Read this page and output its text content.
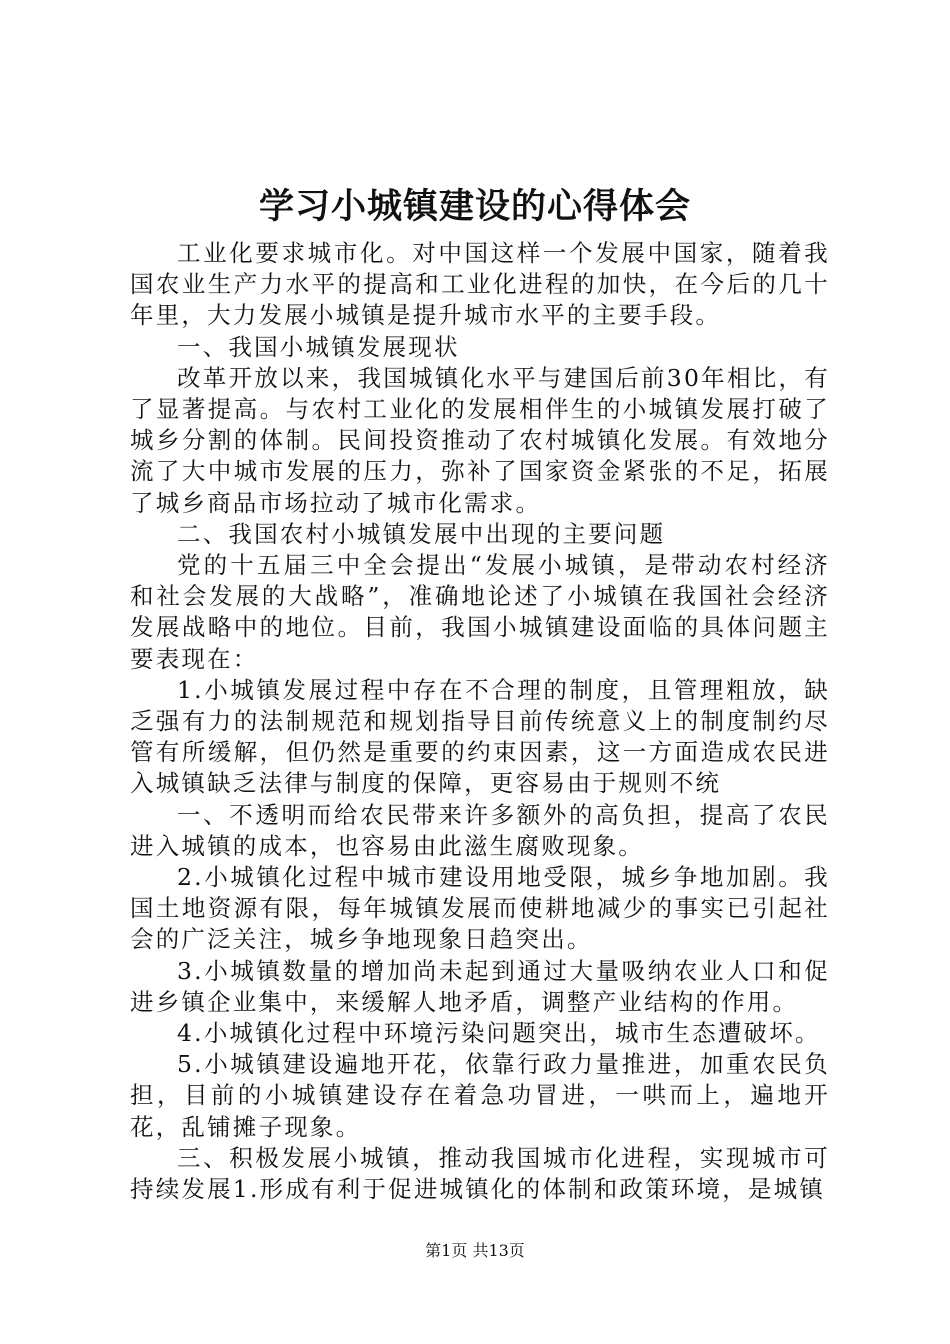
学习小城镇建设的心得体会

工业化要求城市化。对中国这样一个发展中国家，随着我国农业生产力水平的提高和工业化进程的加快，在今后的几十年里，大力发展小城镇是提升城市水平的主要手段。

一、我国小城镇发展现状

改革开放以来，我国城镇化水平与建国后前30年相比，有了显著提高。与农村工业化的发展相伴生的小城镇发展打破了城乡分割的体制。民间投资推动了农村城镇化发展。有效地分流了大中城市发展的压力，弥补了国家资金紧张的不足，拓展了城乡商品市场拉动了城市化需求。

二、我国农村小城镇发展中出现的主要问题

党的十五届三中全会提出“发展小城镇，是带动农村经济和社会发展的大战略”，准确地论述了小城镇在我国社会经济发展战略中的地位。目前，我国小城镇建设面临的具体问题主要表现在：

1.小城镇发展过程中存在不合理的制度，且管理粗放，缺乏强有力的法制规范和规划指导目前传统意义上的制度制约尽管有所缓解，但仍然是重要的约束因素，这一方面造成农民进入城镇缺乏法律与制度的保障，更容易由于规则不统

一、不透明而给农民带来许多额外的高负担，提高了农民进入城镇的成本，也容易由此滋生腐败现象。

2.小城镇化过程中城市建设用地受限，城乡争地加剧。我国土地资源有限，每年城镇发展而使耕地减少的事实已引起社会的广泛关注，城乡争地现象日趋突出。

3.小城镇数量的增加尚未起到通过大量吸纳农业人口和促进乡镇企业集中，来缓解人地矛盾，调整产业结构的作用。

4.小城镇化过程中环境污染问题突出，城市生态遭破坏。

5.小城镇建设遍地开花，依靠行政力量推进，加重农民负担，目前的小城镇建设存在着急功冒进，一哄而上，遍地开花，乱铺摊子现象。

三、积极发展小城镇，推动我国城市化进程，实现城市可持续发展1.形成有利于促进城镇化的体制和政策环境，是城镇

第1页 共13页
